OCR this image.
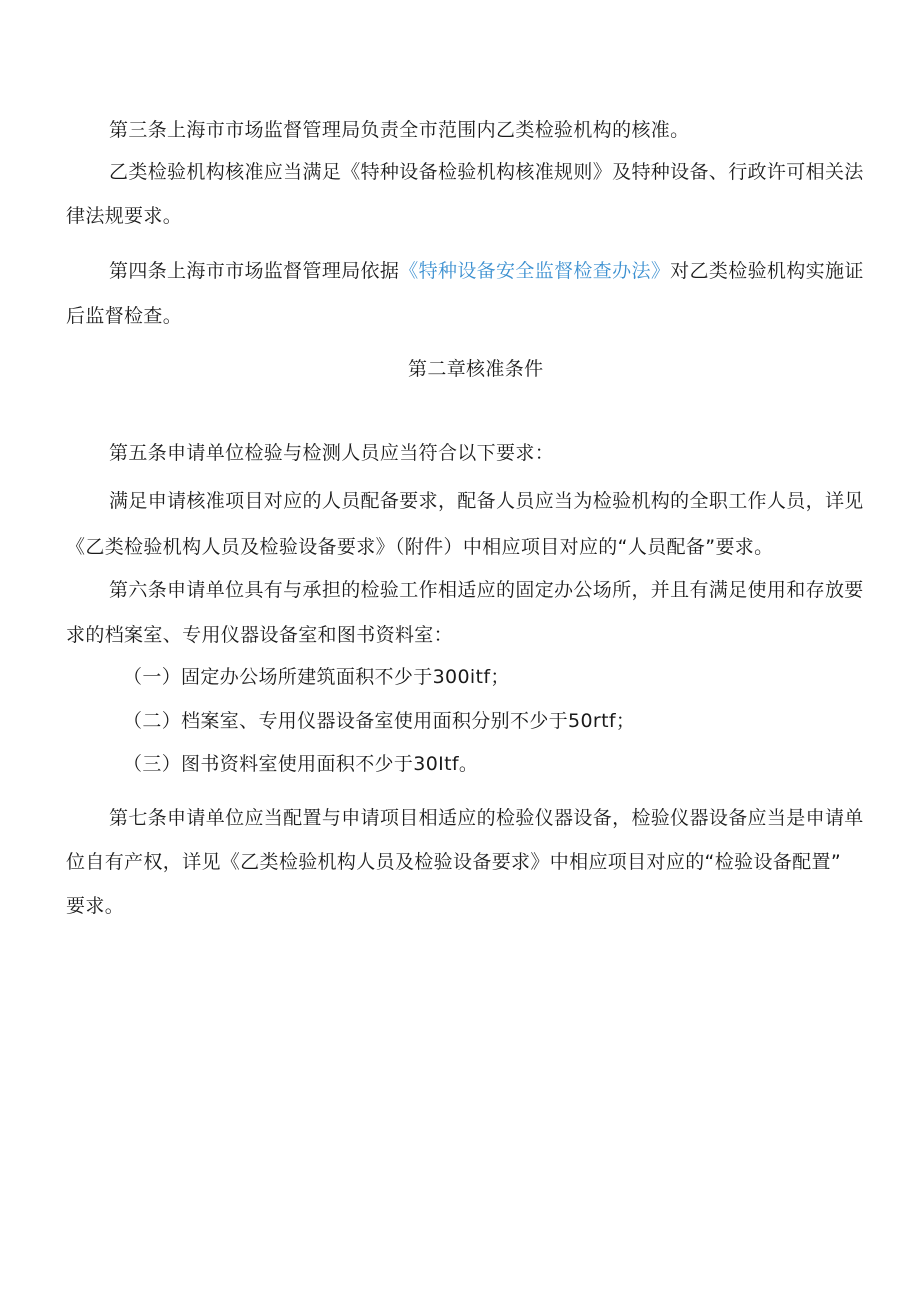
第三条上海市市场监督管理局负责全市范围内乙类检验机构的核准。
乙类检验机构核准应当满足《特种设备检验机构核准规则》及特种设备、行政许可相关法
律法规要求。
第四条上海市市场监督管理局依据《特种设备安全监督检查办法》对乙类检验机构实施证
后监督检查。
第二章核准条件
第五条申请单位检验与检测人员应当符合以下要求：
满足申请核准项目对应的人员配备要求，配备人员应当为检验机构的全职工作人员，详见
《乙类检验机构人员及检验设备要求》（附件）中相应项目对应的“人员配备”要求。
第六条申请单位具有与承担的检验工作相适应的固定办公场所，并且有满足使用和存放要
求的档案室、专用仪器设备室和图书资料室：
（一）固定办公场所建筑面积不少于300itf；
（二）档案室、专用仪器设备室使用面积分别不少于50rtf；
（三）图书资料室使用面积不少于30Itf。
第七条申请单位应当配置与申请项目相适应的检验仪器设备，检验仪器设备应当是申请单
位自有产权，详见《乙类检验机构人员及检验设备要求》中相应项目对应的“检验设备配置”
要求。
